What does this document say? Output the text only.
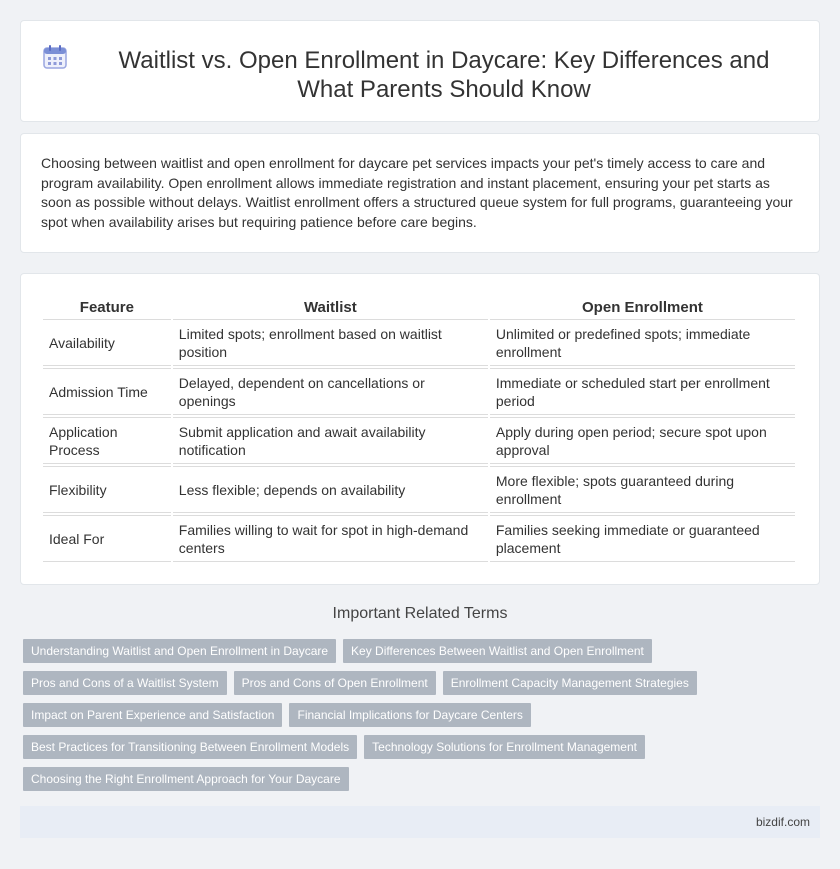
Waitlist vs. Open Enrollment in Daycare: Key Differences and What Parents Should Know

Choosing between waitlist and open enrollment for daycare pet services impacts your pet's timely access to care and program availability. Open enrollment allows immediate registration and instant placement, ensuring your pet starts as soon as possible without delays. Waitlist enrollment offers a structured queue system for full programs, guaranteeing your spot when availability arises but requiring patience before care begins.

Feature	Waitlist	Open Enrollment
Availability	Limited spots; enrollment based on waitlist position	Unlimited or predefined spots; immediate enrollment
Admission Time	Delayed, dependent on cancellations or openings	Immediate or scheduled start per enrollment period
Application Process	Submit application and await availability notification	Apply during open period; secure spot upon approval
Flexibility	Less flexible; depends on availability	More flexible; spots guaranteed during enrollment
Ideal For	Families willing to wait for spot in high-demand centers	Families seeking immediate or guaranteed placement
Important Related Terms
Understanding Waitlist and Open Enrollment in Daycare	Key Differences Between Waitlist and Open Enrollment
Pros and Cons of a Waitlist System	Pros and Cons of Open Enrollment	Enrollment Capacity Management Strategies
Impact on Parent Experience and Satisfaction	Financial Implications for Daycare Centers
Best Practices for Transitioning Between Enrollment Models	Technology Solutions for Enrollment Management
Choosing the Right Enrollment Approach for Your Daycare
bizdif.com
